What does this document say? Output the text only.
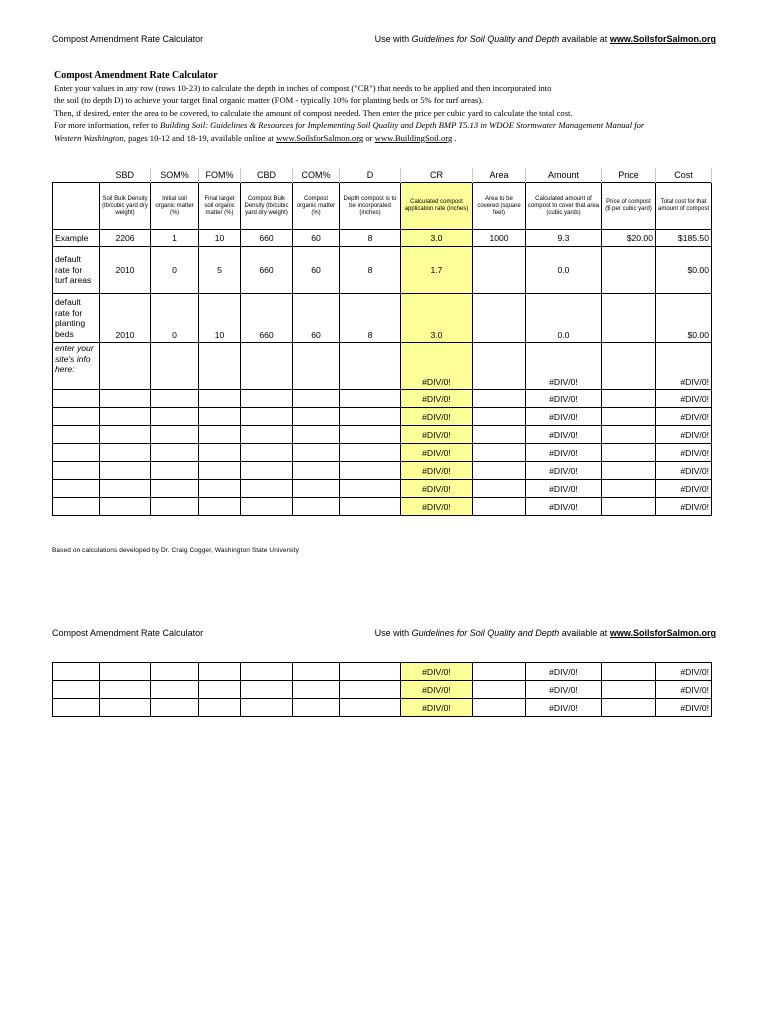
Compost Amendment Rate Calculator	Use with Guidelines for Soil Quality and Depth available at www.SoilsforSalmon.org
Compost Amendment Rate Calculator
Enter your values in any row (rows 10-23) to calculate the depth in inches of compost ("CR") that needs to be applied and then incorporated into
the soil (to depth D) to achieve your target final organic matter (FOM - typically 10% for planting beds or 5% for turf areas).
Then, if desired, enter the area to be covered, to calculate the amount of compost needed. Then enter the price per cubic yard to calculate the total cost.
For more information, refer to Building Soil: Guidelines & Resources for Implementing Soil Quality and Depth BMP T5.13 in WDOE Stormwater Management Manual for
Western Washington, pages 10-12 and 18-19, available online at www.SoilsforSalmon.org or www.BuildingSoil.org .
	SBD	SOM%	FOM%	CBD	COM%	D	CR	Area	Amount	Price	Cost
	Soil Bulk Density (lb/cubic yard dry weight)	Initial soil organic matter (%)	Final target soil organic matter (%)	Compost Bulk Density (lb/cubic yard dry weight)	Compost organic matter (%)	Depth compost is to be incorporated (inches)	Calculated compost application rate (inches)	Area to be covered (square feet)	Calculated amount of compost to cover that area (cubic yards)	Price of compost ($ per cubic yard)	Total cost for that amount of compost
Example	2206	1	10	660	60	8	3.0	1000	9.3	$20.00	$185.50
default rate for turf areas	2010	0	5	660	60	8	1.7		0.0		$0.00
default rate for planting beds	2010	0	10	660	60	8	3.0		0.0		$0.00
enter your site's info here:							#DIV/0!		#DIV/0!		#DIV/0!
							#DIV/0!		#DIV/0!		#DIV/0!
							#DIV/0!		#DIV/0!		#DIV/0!
							#DIV/0!		#DIV/0!		#DIV/0!
							#DIV/0!		#DIV/0!		#DIV/0!
							#DIV/0!		#DIV/0!		#DIV/0!
							#DIV/0!		#DIV/0!		#DIV/0!
							#DIV/0!		#DIV/0!		#DIV/0!
Based on calculations developed by Dr. Craig Cogger, Washington State University
Compost Amendment Rate Calculator	Use with Guidelines for Soil Quality and Depth available at www.SoilsforSalmon.org
							#DIV/0!		#DIV/0!		#DIV/0!
							#DIV/0!		#DIV/0!		#DIV/0!
							#DIV/0!		#DIV/0!		#DIV/0!
